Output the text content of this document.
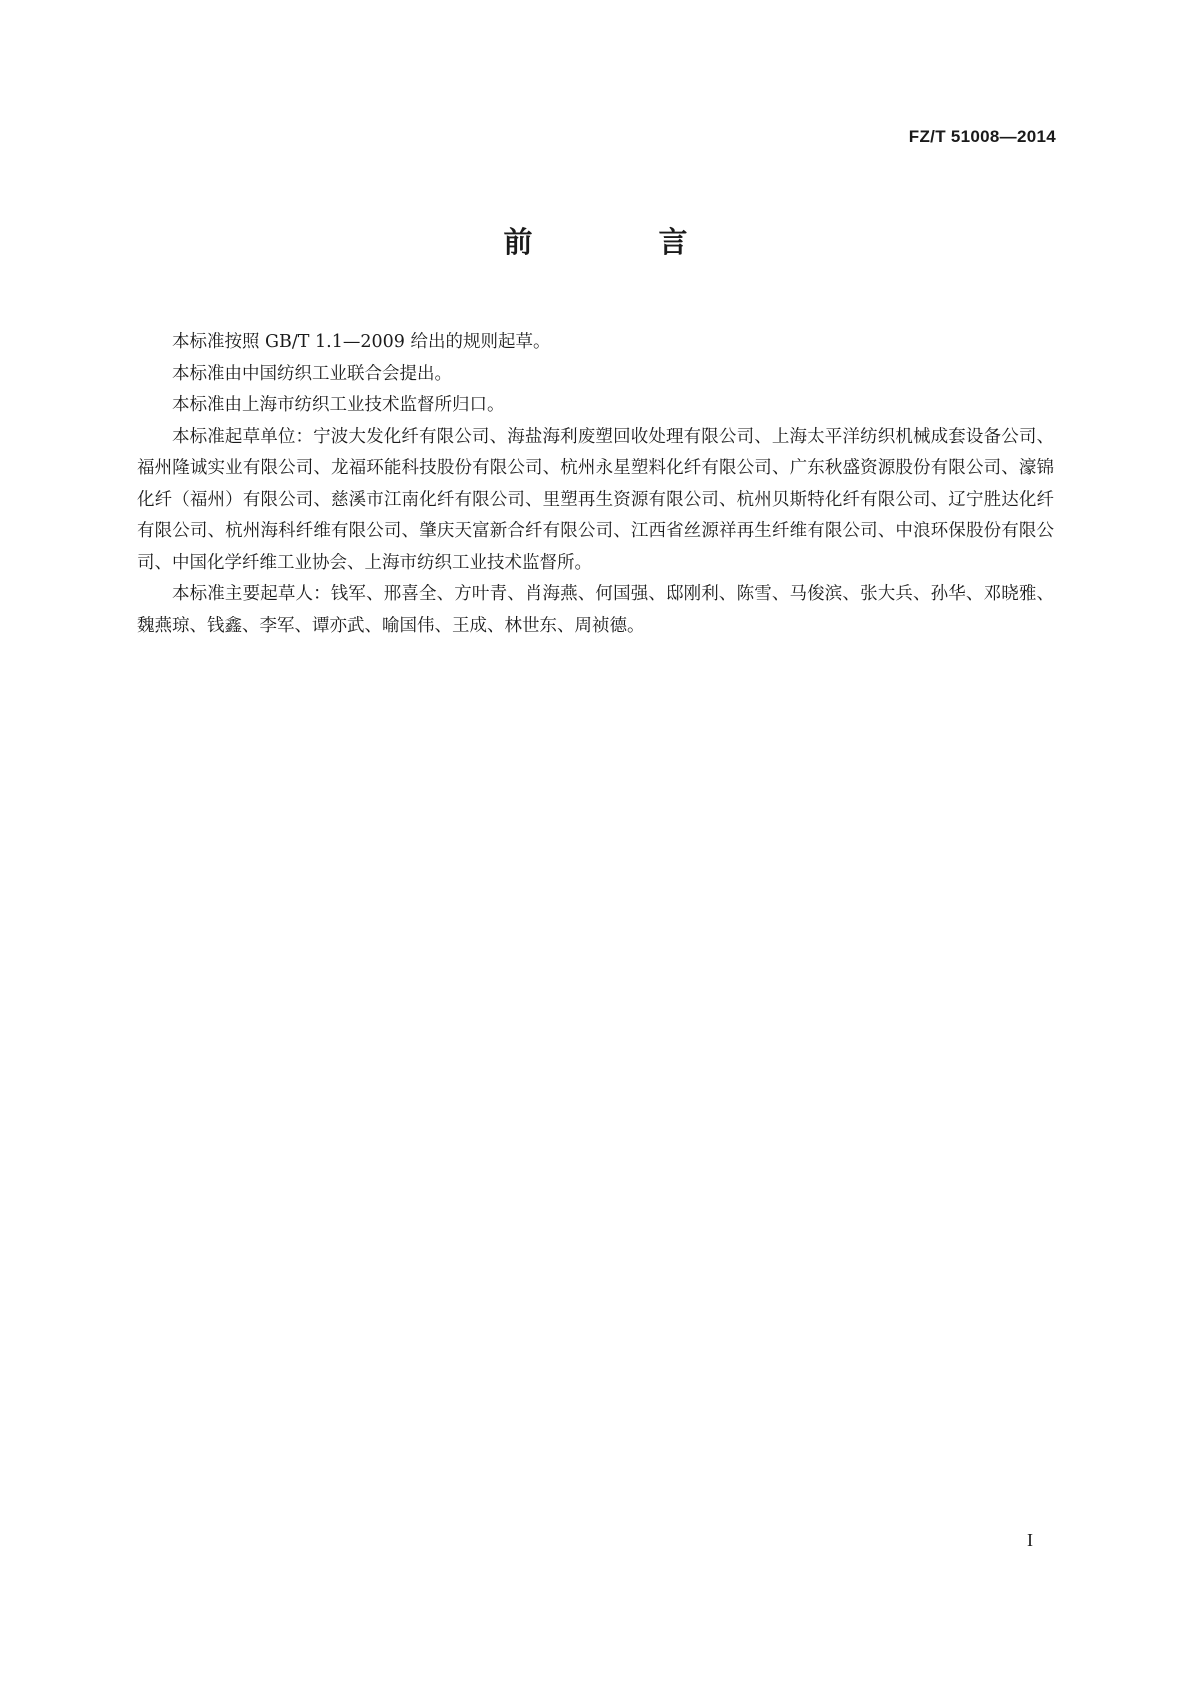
FZ/T 51008—2014
前 言

本标准按照 GB/T 1.1—2009 给出的规则起草。

本标准由中国纺织工业联合会提出。

本标准由上海市纺织工业技术监督所归口。

本标准起草单位：宁波大发化纤有限公司、海盐海利废塑回收处理有限公司、上海太平洋纺织机械成套设备公司、福州隆诚实业有限公司、龙福环能科技股份有限公司、杭州永星塑料化纤有限公司、广东秋盛资源股份有限公司、濠锦化纤（福州）有限公司、慈溪市江南化纤有限公司、里塑再生资源有限公司、杭州贝斯特化纤有限公司、辽宁胜达化纤有限公司、杭州海科纤维有限公司、肇庆天富新合纤有限公司、江西省丝源祥再生纤维有限公司、中浪环保股份有限公司、中国化学纤维工业协会、上海市纺织工业技术监督所。

本标准主要起草人：钱军、邢喜全、方叶青、肖海燕、何国强、邸刚利、陈雪、马俊滨、张大兵、孙华、邓晓雅、魏燕琼、钱鑫、李军、谭亦武、喻国伟、王成、林世东、周祯德。

I
